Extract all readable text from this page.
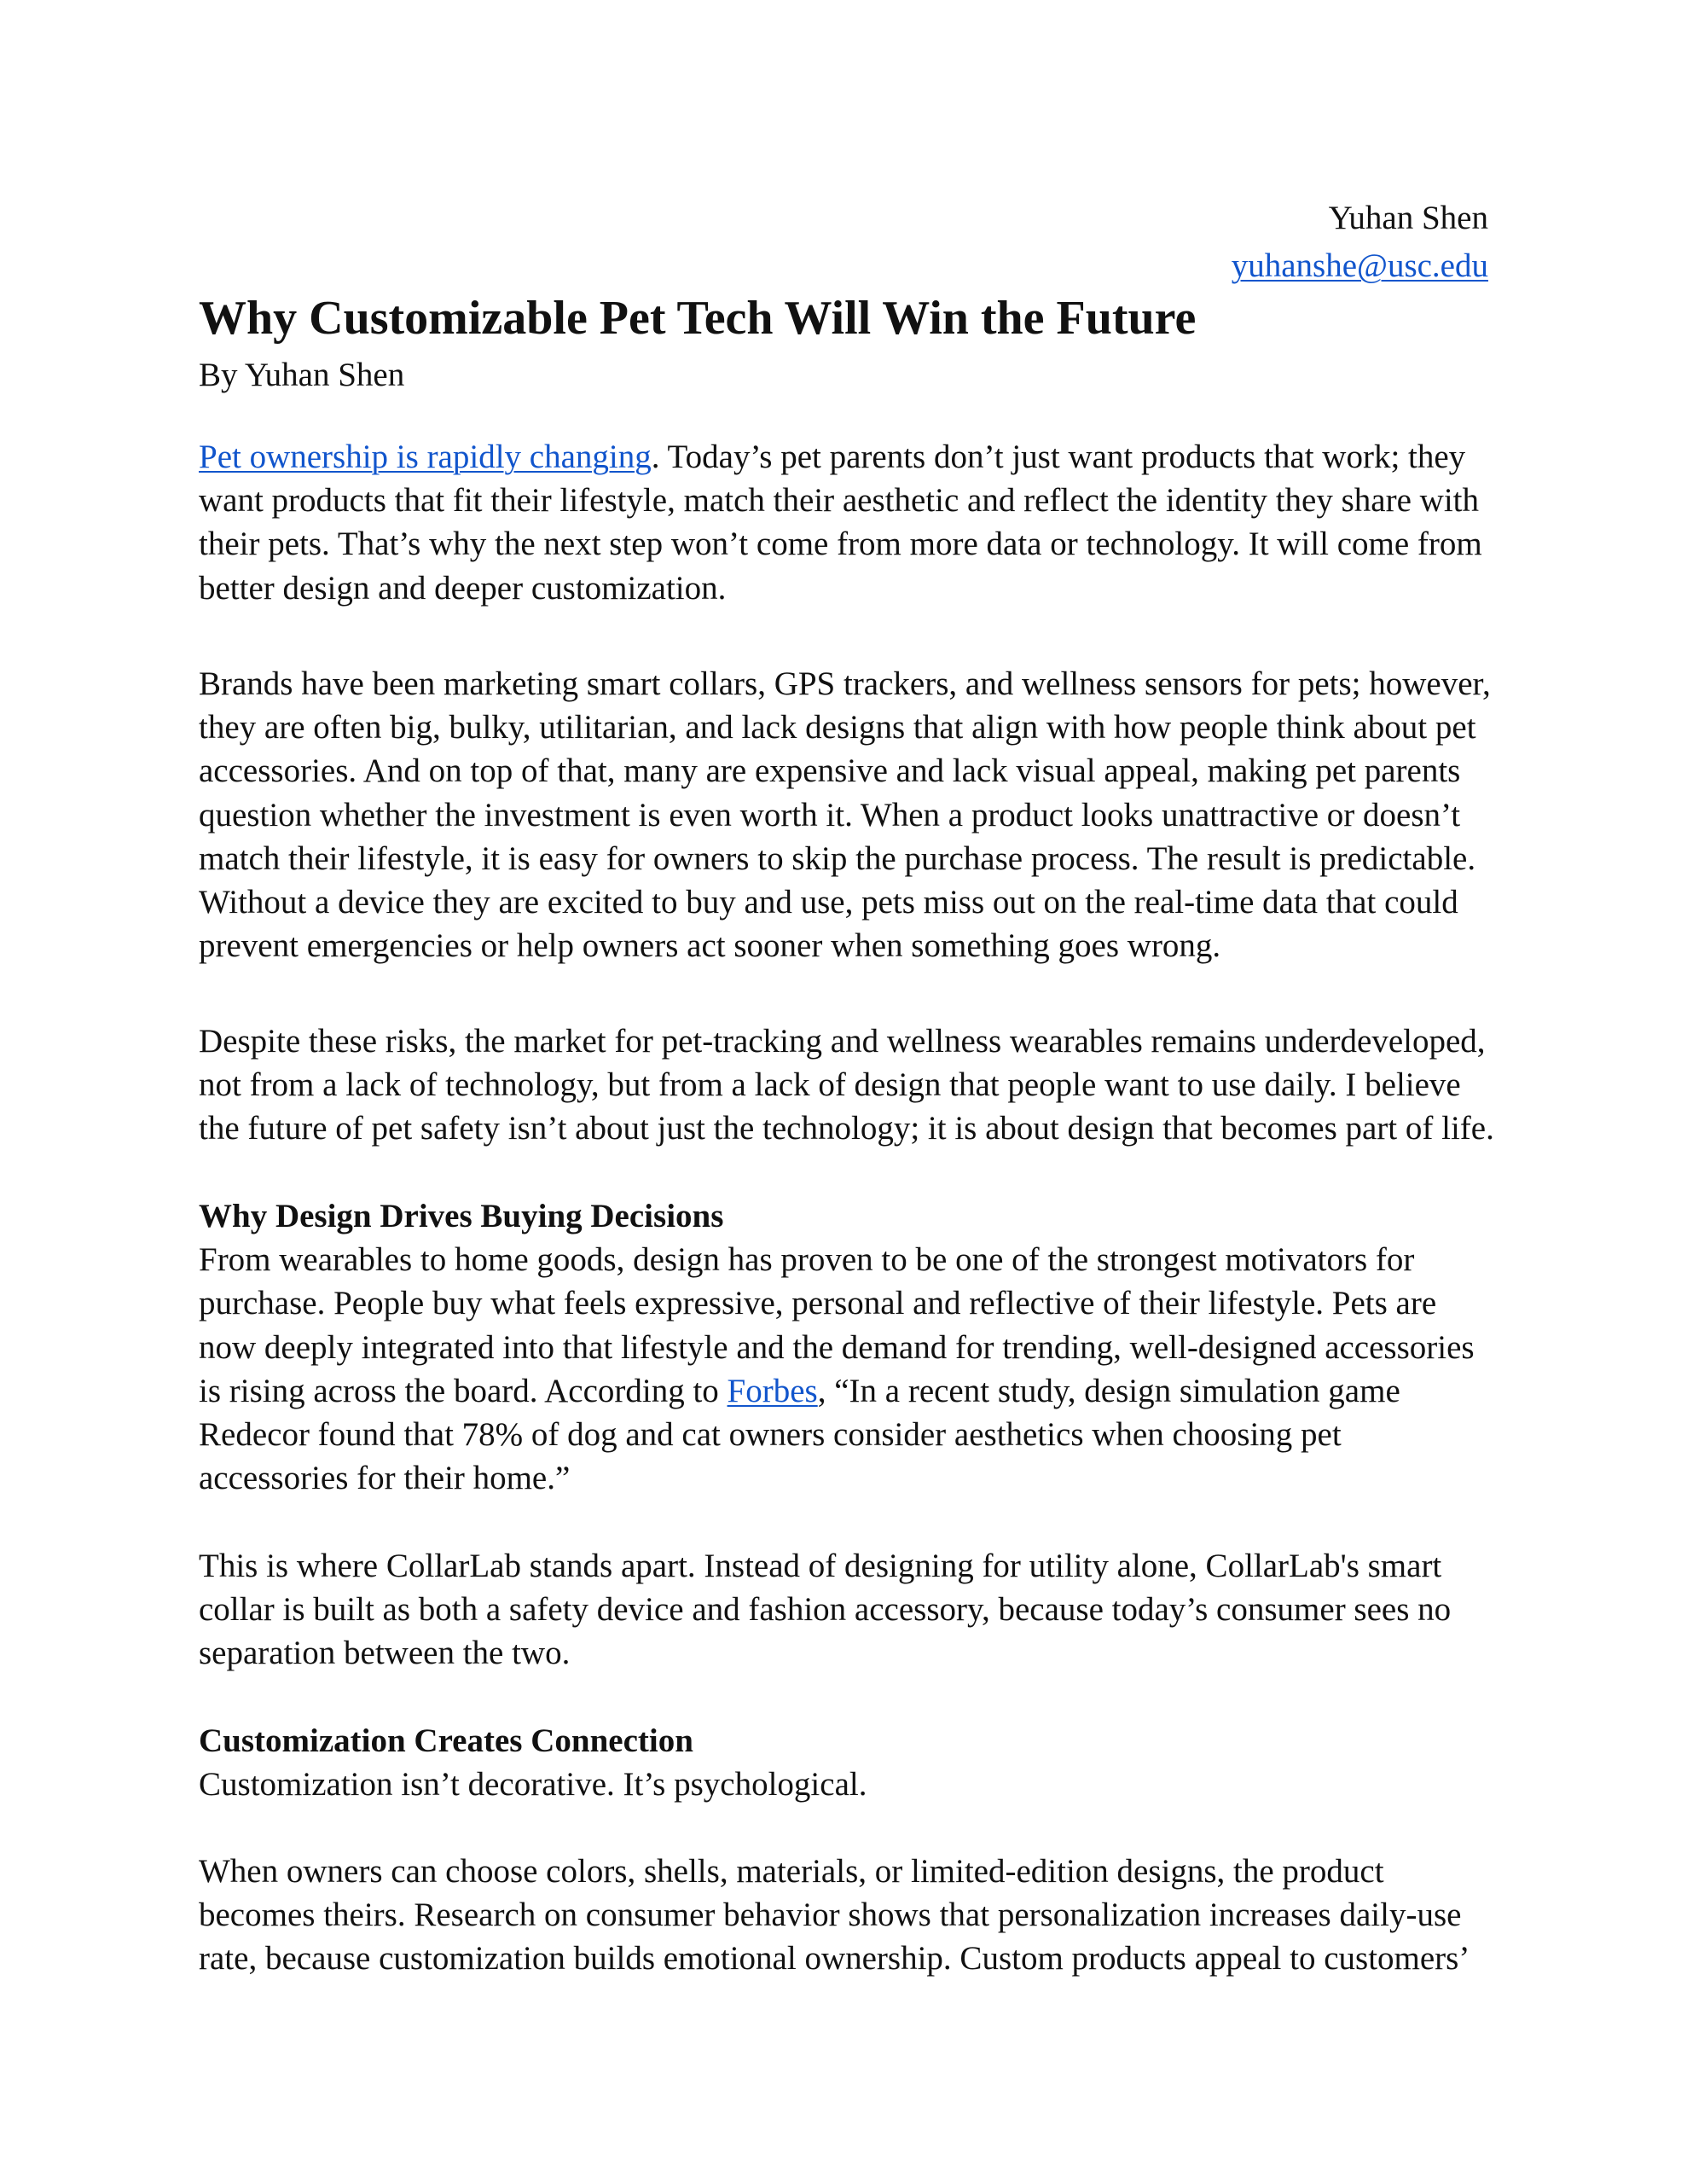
Yuhan Shen
yuhanshe@usc.edu
Why Customizable Pet Tech Will Win the Future
By Yuhan Shen
Pet ownership is rapidly changing. Today’s pet parents don’t just want products that work; they
want products that fit their lifestyle, match their aesthetic and reflect the identity they share with
their pets. That’s why the next step won’t come from more data or technology. It will come from
better design and deeper customization.
Brands have been marketing smart collars, GPS trackers, and wellness sensors for pets; however,
they are often big, bulky, utilitarian, and lack designs that align with how people think about pet
accessories. And on top of that, many are expensive and lack visual appeal, making pet parents
question whether the investment is even worth it. When a product looks unattractive or doesn’t
match their lifestyle, it is easy for owners to skip the purchase process. The result is predictable.
Without a device they are excited to buy and use, pets miss out on the real-time data that could
prevent emergencies or help owners act sooner when something goes wrong.
Despite these risks, the market for pet-tracking and wellness wearables remains underdeveloped,
not from a lack of technology, but from a lack of design that people want to use daily. I believe
the future of pet safety isn’t about just the technology; it is about design that becomes part of life.
Why Design Drives Buying Decisions
From wearables to home goods, design has proven to be one of the strongest motivators for
purchase. People buy what feels expressive, personal and reflective of their lifestyle. Pets are
now deeply integrated into that lifestyle and the demand for trending, well-designed accessories
is rising across the board. According to Forbes, “In a recent study, design simulation game
Redecor found that 78% of dog and cat owners consider aesthetics when choosing pet
accessories for their home.”
This is where CollarLab stands apart. Instead of designing for utility alone, CollarLab's smart
collar is built as both a safety device and fashion accessory, because today’s consumer sees no
separation between the two.
Customization Creates Connection
Customization isn’t decorative. It’s psychological.
When owners can choose colors, shells, materials, or limited-edition designs, the product
becomes theirs. Research on consumer behavior shows that personalization increases daily-use
rate, because customization builds emotional ownership. Custom products appeal to customers’
